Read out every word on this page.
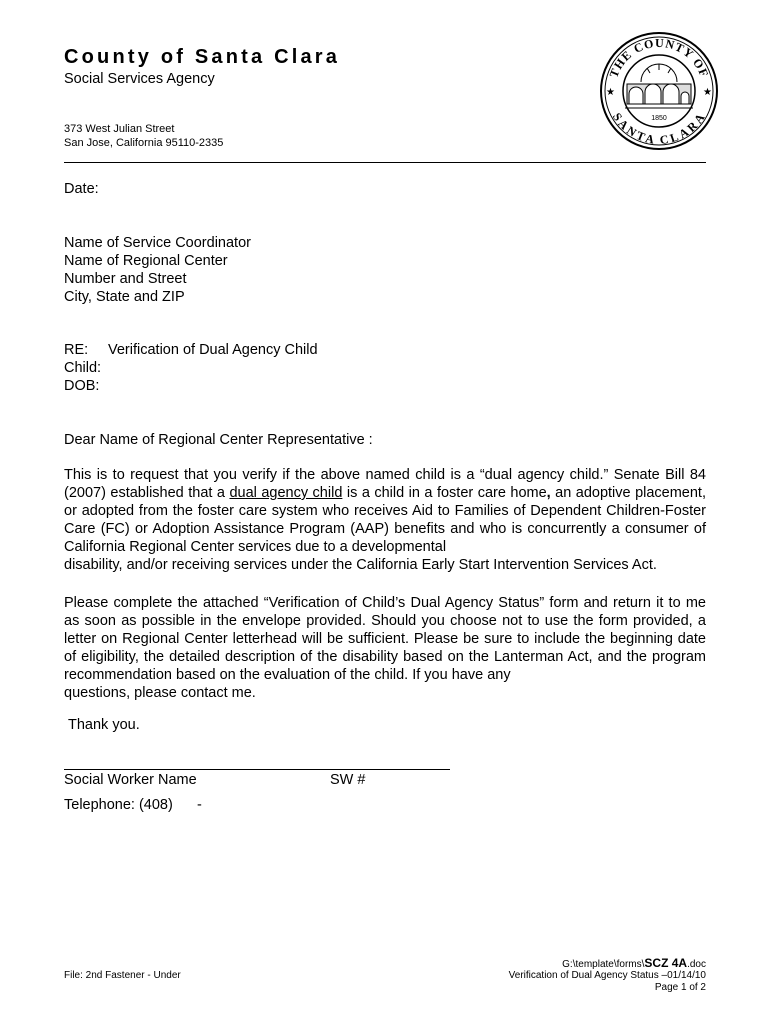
County of Santa Clara
Social Services Agency
373 West Julian Street
San Jose, California 95110-2335
THE COUNTY OF
SANTA CLARA
★	★
1850
Date:
Name of Service Coordinator
Name of Regional Center
Number and Street
City, State and ZIP
RE: Verification of Dual Agency Child
Child:
DOB:
Dear Name of Regional Center Representative :
This is to request that you verify if the above named child is a “dual agency child.” Senate Bill 84 (2007) established that a dual agency child is a child in a foster care home, an adoptive placement, or adopted from the foster care system who receives Aid to Families of Dependent Children-Foster Care (FC) or Adoption Assistance Program (AAP) benefits and who is concurrently a consumer of California Regional Center services due to a developmental
disability, and/or receiving services under the California Early Start Intervention Services Act.
Please complete the attached “Verification of Child’s Dual Agency Status” form and return it to me as soon as possible in the envelope provided. Should you choose not to use the form provided, a letter on Regional Center letterhead will be sufficient. Please be sure to include the beginning date of eligibility, the detailed description of the disability based on the Lanterman Act, and the program recommendation based on the evaluation of the child. If you have any
questions, please contact me.
Thank you.
Social Worker Name	SW #
Telephone: (408)      -
File: 2nd Fastener - Under
G:\template\forms\SCZ 4A.doc
Verification of Dual Agency Status –01/14/10
Page 1 of 2
